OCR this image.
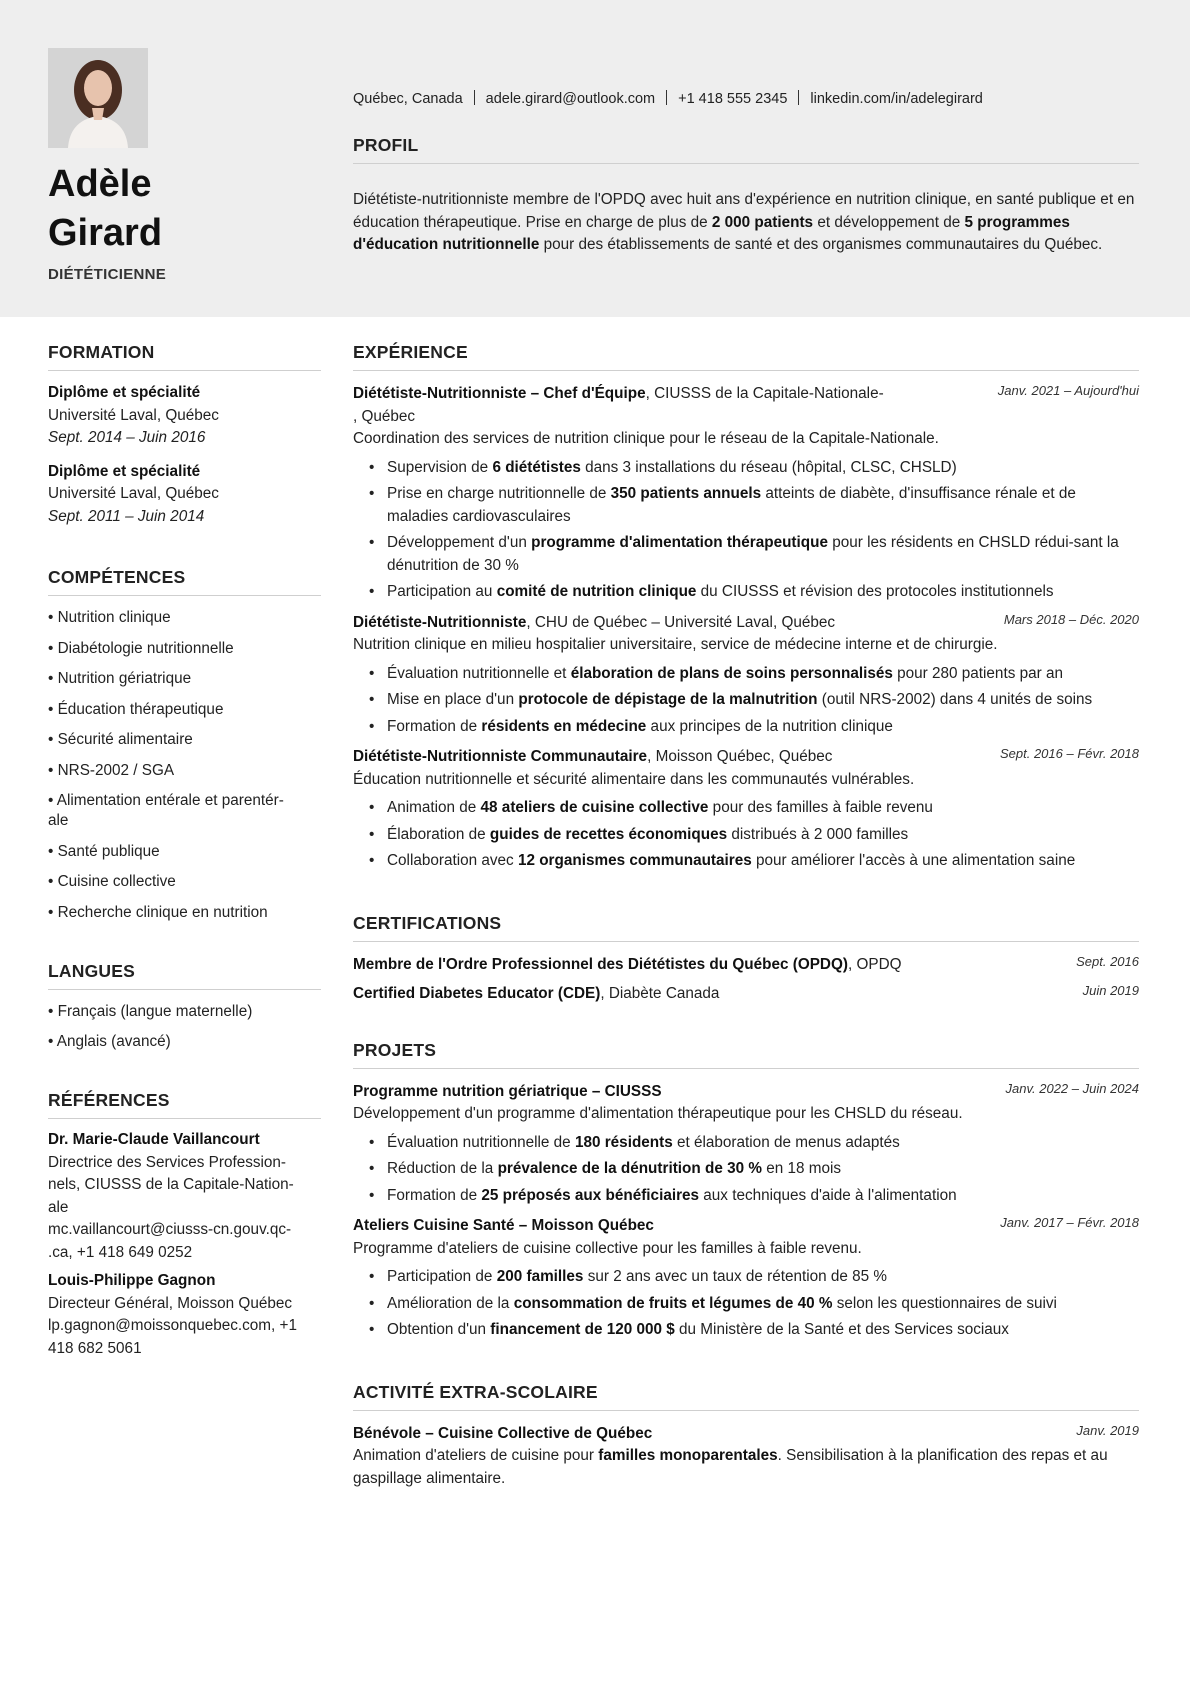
Adèle
Girard
DIÉTÉTICIENNE
Québec, Canada adele.girard@outlook.com +1 418 555 2345 linkedin.com/in/adelegirard
PROFIL
Diététiste-nutritionniste membre de l'OPDQ avec huit ans d'expérience en nutrition clinique, en santé publique et en éducation thérapeutique. Prise en charge de plus de 2 000 patients et développement de 5 programmes d'éducation nutritionnelle pour des établissements de santé et des organismes communautaires du Québec.
FORMATION
Diplôme et spécialité
Université Laval, Québec
Sept. 2014 – Juin 2016
Diplôme et spécialité
Université Laval, Québec
Sept. 2011 – Juin 2014
COMPÉTENCES
• Nutrition clinique
• Diabétologie nutritionnelle
• Nutrition gériatrique
• Éducation thérapeutique
• Sécurité alimentaire
• NRS-2002 / SGA
• Alimentation entérale et parentér-
ale
• Santé publique
• Cuisine collective
• Recherche clinique en nutrition
LANGUES
• Français (langue maternelle)
• Anglais (avancé)
RÉFÉRENCES
Dr. Marie-Claude Vaillancourt
Directrice des Services Profession-
nels, CIUSSS de la Capitale-Nation-
ale
mc.vaillancourt@ciusss-cn.gouv.qc-
.ca, +1 418 649 0252
Louis-Philippe Gagnon
Directeur Général, Moisson Québec
lp.gagnon@moissonquebec.com, +1
418 682 5061
EXPÉRIENCE
Diététiste-Nutritionniste – Chef d'Équipe, CIUSSS de la Capitale-Nationale-
, Québec
Janv. 2021 – Aujourd'hui
Coordination des services de nutrition clinique pour le réseau de la Capitale-Nationale.
• Supervision de 6 diététistes dans 3 installations du réseau (hôpital, CLSC, CHSLD)
• Prise en charge nutritionnelle de 350 patients annuels atteints de diabète, d'insuffisance rénale et de maladies cardiovasculaires
• Développement d'un programme d'alimentation thérapeutique pour les résidents en CHSLD rédui-sant la dénutrition de 30 %
• Participation au comité de nutrition clinique du CIUSSS et révision des protocoles institutionnels
Diététiste-Nutritionniste, CHU de Québec – Université Laval, Québec	Mars 2018 – Déc. 2020
Nutrition clinique en milieu hospitalier universitaire, service de médecine interne et de chirurgie.
• Évaluation nutritionnelle et élaboration de plans de soins personnalisés pour 280 patients par an
• Mise en place d'un protocole de dépistage de la malnutrition (outil NRS-2002) dans 4 unités de soins
• Formation de résidents en médecine aux principes de la nutrition clinique
Diététiste-Nutritionniste Communautaire, Moisson Québec, Québec	Sept. 2016 – Févr. 2018
Éducation nutritionnelle et sécurité alimentaire dans les communautés vulnérables.
• Animation de 48 ateliers de cuisine collective pour des familles à faible revenu
• Élaboration de guides de recettes économiques distribués à 2 000 familles
• Collaboration avec 12 organismes communautaires pour améliorer l'accès à une alimentation saine
CERTIFICATIONS
Membre de l'Ordre Professionnel des Diététistes du Québec (OPDQ), OPDQ	Sept. 2016
Certified Diabetes Educator (CDE), Diabète Canada	Juin 2019
PROJETS
Programme nutrition gériatrique – CIUSSS	Janv. 2022 – Juin 2024
Développement d'un programme d'alimentation thérapeutique pour les CHSLD du réseau.
• Évaluation nutritionnelle de 180 résidents et élaboration de menus adaptés
• Réduction de la prévalence de la dénutrition de 30 % en 18 mois
• Formation de 25 préposés aux bénéficiaires aux techniques d'aide à l'alimentation
Ateliers Cuisine Santé – Moisson Québec	Janv. 2017 – Févr. 2018
Programme d'ateliers de cuisine collective pour les familles à faible revenu.
• Participation de 200 familles sur 2 ans avec un taux de rétention de 85 %
• Amélioration de la consommation de fruits et légumes de 40 % selon les questionnaires de suivi
• Obtention d'un financement de 120 000 $ du Ministère de la Santé et des Services sociaux
ACTIVITÉ EXTRA-SCOLAIRE
Bénévole – Cuisine Collective de Québec	Janv. 2019
Animation d'ateliers de cuisine pour familles monoparentales. Sensibilisation à la planification des repas et au gaspillage alimentaire.
